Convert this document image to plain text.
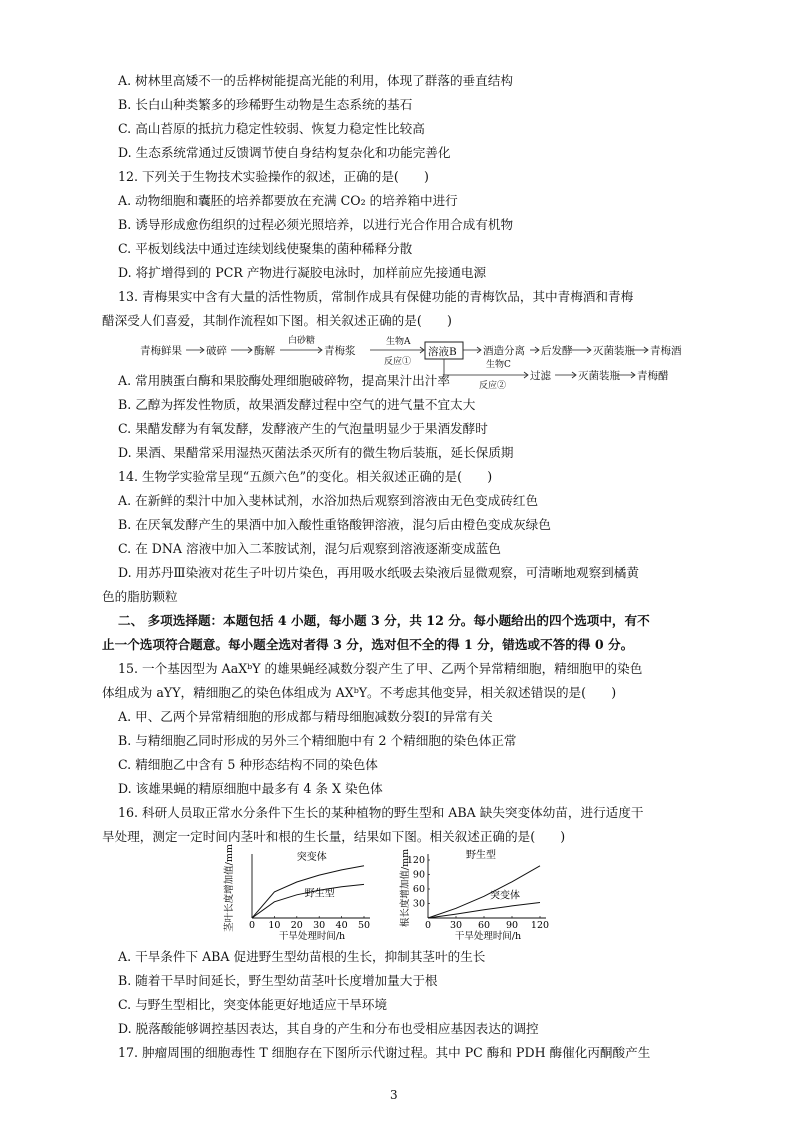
A. 树林里高矮不一的岳桦树能提高光能的利用，体现了群落的垂直结构
B. 长白山种类繁多的珍稀野生动物是生态系统的基石
C. 高山苔原的抵抗力稳定性较弱、恢复力稳定性比较高
D. 生态系统常通过反馈调节使自身结构复杂化和功能完善化
12. 下列关于生物技术实验操作的叙述，正确的是(　　)
A. 动物细胞和囊胚的培养都要放在充满 CO₂ 的培养箱中进行
B. 诱导形成愈伤组织的过程必须光照培养，以进行光合作用合成有机物
C. 平板划线法中通过连续划线使聚集的菌种稀释分散
D. 将扩增得到的 PCR 产物进行凝胶电泳时，加样前应先接通电源
13. 青梅果实中含有大量的活性物质，常制作成具有保健功能的青梅饮品，其中青梅酒和青梅
醋深受人们喜爱，其制作流程如下图。相关叙述正确的是(　　)
青梅鲜果 破碎	酶解	青梅浆
白砂糖	生物A
反应①
溶液B	酒造分离 后发酵 灭菌装瓶 青梅酒
生物C
反应②
过滤	灭菌装瓶 青梅醋
A. 常用胰蛋白酶和果胶酶处理细胞破碎物，提高果汁出汁率
B. 乙醇为挥发性物质，故果酒发酵过程中空气的进气量不宜太大
C. 果醋发酵为有氧发酵，发酵液产生的气泡量明显少于果酒发酵时
D. 果酒、果醋常采用湿热灭菌法杀灭所有的微生物后装瓶，延长保质期
14. 生物学实验常呈现“五颜六色”的变化。相关叙述正确的是(　　)
A. 在新鲜的梨汁中加入斐林试剂，水浴加热后观察到溶液由无色变成砖红色
B. 在厌氧发酵产生的果酒中加入酸性重铬酸钾溶液，混匀后由橙色变成灰绿色
C. 在 DNA 溶液中加入二苯胺试剂，混匀后观察到溶液逐渐变成蓝色
D. 用苏丹Ⅲ染液对花生子叶切片染色，再用吸水纸吸去染液后显微观察，可清晰地观察到橘黄
色的脂肪颗粒
二、 多项选择题：本题包括 4 小题，每小题 3 分，共 12 分。每小题给出的四个选项中，有不
止一个选项符合题意。每小题全选对者得 3 分，选对但不全的得 1 分，错选或不答的得 0 分。
15. 一个基因型为 AaXᵇY 的雄果蝇经减数分裂产生了甲、乙两个异常精细胞，精细胞甲的染色
体组成为 aYY，精细胞乙的染色体组成为 AXᵇY。不考虑其他变异，相关叙述错误的是(　　)
A. 甲、乙两个异常精细胞的形成都与精母细胞减数分裂Ⅰ的异常有关
B. 与精细胞乙同时形成的另外三个精细胞中有 2 个精细胞的染色体正常
C. 精细胞乙中含有 5 种形态结构不同的染色体
D. 该雄果蝇的精原细胞中最多有 4 条 X 染色体
16. 科研人员取正常水分条件下生长的某种植物的野生型和 ABA 缺失突变体幼苗，进行适度干
旱处理，测定一定时间内茎叶和根的生长量，结果如下图。相关叙述正确的是(　　)
茎叶长度增加值/mm 0 10 20 30 40 50
干旱处理时间/h
突变体
野生型	根长度增加值/mm 0 30 60 90 120
30
60
90
120
干旱处理时间/h
野生型
突变体
A. 干旱条件下 ABA 促进野生型幼苗根的生长，抑制其茎叶的生长
B. 随着干旱时间延长，野生型幼苗茎叶长度增加量大于根
C. 与野生型相比，突变体能更好地适应干旱环境
D. 脱落酸能够调控基因表达，其自身的产生和分布也受相应基因表达的调控
17. 肿瘤周围的细胞毒性 T 细胞存在下图所示代谢过程。其中 PC 酶和 PDH 酶催化丙酮酸产生
3
